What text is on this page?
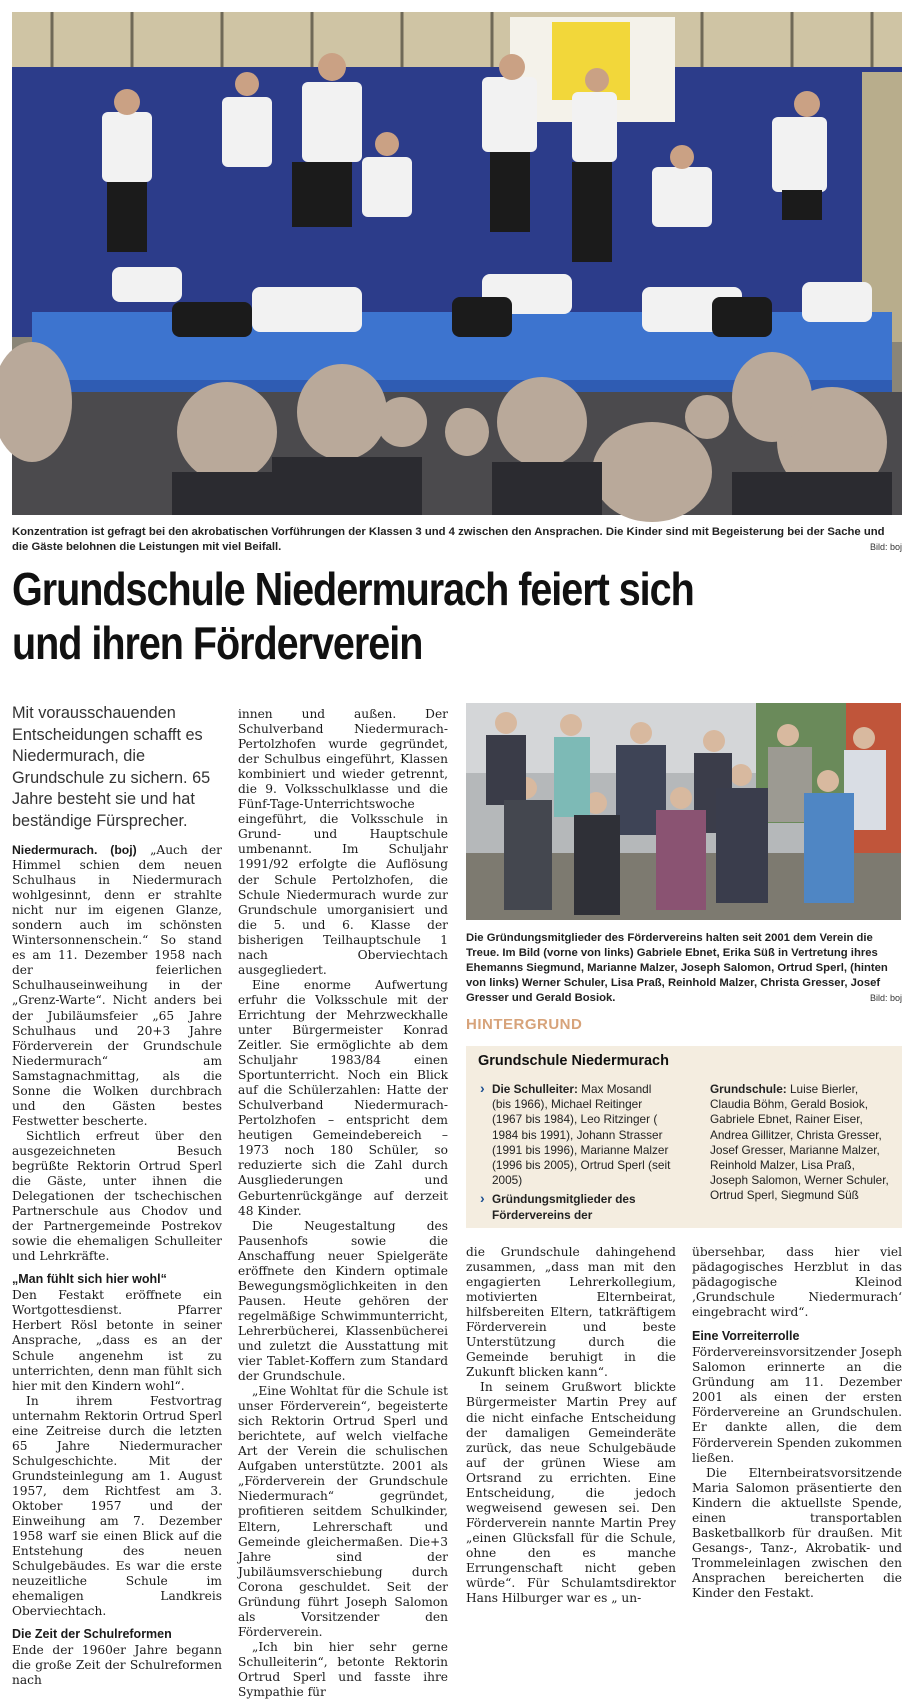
Konzentration ist gefragt bei den akrobatischen Vorführungen der Klassen 3 und 4 zwischen den Ansprachen. Die Kinder sind mit Begeisterung bei der Sache und die Gäste belohnen die Leistungen mit viel Beifall.	Bild: boj
Grundschule Niedermurach feiert sich
und ihren Förderverein
Mit vorausschauenden Entscheidungen schafft es Niedermurach, die Grundschule zu sichern. 65 Jahre besteht sie und hat beständige Fürsprecher.

Niedermurach. (boj) „Auch der Himmel schien dem neuen Schulhaus in Niedermurach wohlgesinnt, denn er strahlte nicht nur im eigenen Glanze, sondern auch im schönsten Wintersonnenschein.“ So stand es am 11. Dezember 1958 nach der feierlichen Schulhauseinweihung in der „Grenz-Warte“. Nicht anders bei der Jubiläumsfeier „65 Jahre Schulhaus und 20+3 Jahre Förderverein der Grundschule Niedermurach“ am Samstagnachmittag, als die Sonne die Wolken durchbrach und den Gästen bestes Festwetter bescherte.

Sichtlich erfreut über den ausgezeichneten Besuch begrüßte Rektorin Ortrud Sperl die Gäste, unter ihnen die Delegationen der tschechischen Partnerschule aus Chodov und der Partnergemeinde Postrekov sowie die ehemaligen Schulleiter und Lehrkräfte.

„Man fühlt sich hier wohl“

Den Festakt eröffnete ein Wortgottesdienst. Pfarrer Herbert Rösl betonte in seiner Ansprache, „dass es an der Schule angenehm ist zu unterrichten, denn man fühlt sich hier mit den Kindern wohl“.

In ihrem Festvortrag unternahm Rektorin Ortrud Sperl eine Zeitreise durch die letzten 65 Jahre Niedermuracher Schulgeschichte. Mit der Grundsteinlegung am 1. August 1957, dem Richtfest am 3. Oktober 1957 und der Einweihung am 7. Dezember 1958 warf sie einen Blick auf die Entstehung des neuen Schulgebäudes. Es war die erste neuzeitliche Schule im ehemaligen Landkreis Oberviechtach.

Die Zeit der Schulreformen

Ende der 1960er Jahre begann die große Zeit der Schulreformen nach

innen und außen. Der Schulverband Niedermurach-Pertolzhofen wurde gegründet, der Schulbus eingeführt, Klassen kombiniert und wieder getrennt, die 9. Volksschulklasse und die Fünf-Tage-Unterrichtswoche eingeführt, die Volksschule in Grund- und Hauptschule umbenannt. Im Schuljahr 1991/92 erfolgte die Auflösung der Schule Pertolzhofen, die Schule Niedermurach wurde zur Grundschule umorganisiert und die 5. und 6. Klasse der bisherigen Teilhauptschule 1 nach Oberviechtach ausgegliedert.

Eine enorme Aufwertung erfuhr die Volksschule mit der Errichtung der Mehrzweckhalle unter Bürgermeister Konrad Zeitler. Sie ermöglichte ab dem Schuljahr 1983/84 einen Sportunterricht. Noch ein Blick auf die Schülerzahlen: Hatte der Schulverband Niedermurach-Pertolzhofen – entspricht dem heutigen Gemeindebereich – 1973 noch 180 Schüler, so reduzierte sich die Zahl durch Ausgliederungen und Geburtenrückgänge auf derzeit 48 Kinder.

Die Neugestaltung des Pausenhofs sowie die Anschaffung neuer Spielgeräte eröffnete den Kindern optimale Bewegungsmöglichkeiten in den Pausen. Heute gehören der regelmäßige Schwimmunterricht, Lehrerbücherei, Klassenbücherei und zuletzt die Ausstattung mit vier Tablet-Koffern zum Standard der Grundschule.

„Eine Wohltat für die Schule ist unser Förderverein“, begeisterte sich Rektorin Ortrud Sperl und berichtete, auf welch vielfache Art der Verein die schulischen Aufgaben unterstützte. 2001 als „Förderverein der Grundschule Niedermurach“ gegründet, profitieren seitdem Schulkinder, Eltern, Lehrerschaft und Gemeinde gleichermaßen. Die+3 Jahre sind der Jubiläumsverschiebung durch Corona geschuldet. Seit der Gründung führt Joseph Salomon als Vorsitzender den Förderverein.

„Ich bin hier sehr gerne Schulleiterin“, betonte Rektorin Ortrud Sperl und fasste ihre Sympathie für

Die Gründungsmitglieder des Fördervereins halten seit 2001 dem Verein die Treue. Im Bild (vorne von links) Gabriele Ebnet, Erika Süß in Vertretung ihres Ehemanns Siegmund, Marianne Malzer, Joseph Salomon, Ortrud Sperl, (hinten von links) Werner Schuler, Lisa Praß, Reinhold Malzer, Christa Gresser, Josef Gresser und Gerald Bosiok.	Bild: boj
HINTERGRUND
Grundschule Niedermurach
› Die Schulleiter: Max Mosandl (bis 1966), Michael Reitinger (1967 bis 1984), Leo Ritzinger ( 1984 bis 1991), Johann Strasser (1991 bis 1996), Marianne Malzer (1996 bis 2005), Ortrud Sperl (seit 2005)
› Gründungsmitglieder des Fördervereins der Grundschule: Luise Bierler, Claudia Böhm, Gerald Bosiok, Gabriele Ebnet, Rainer Eiser, Andrea Gillitzer, Christa Gresser, Josef Gresser, Marianne Malzer, Reinhold Malzer, Lisa Praß, Joseph Salomon, Werner Schuler, Ortrud Sperl, Siegmund Süß

die Grundschule dahingehend zusammen, „dass man mit den engagierten Lehrerkollegium, motivierten Elternbeirat, hilfsbereiten Eltern, tatkräftigem Förderverein und beste Unterstützung durch die Gemeinde beruhigt in die Zukunft blicken kann“.

In seinem Grußwort blickte Bürgermeister Martin Prey auf die nicht einfache Entscheidung der damaligen Gemeinderäte zurück, das neue Schulgebäude auf der grünen Wiese am Ortsrand zu errichten. Eine Entscheidung, die jedoch wegweisend gewesen sei. Den Förderverein nannte Martin Prey „einen Glücksfall für die Schule, ohne den es manche Errungenschaft nicht geben würde“. Für Schulamtsdirektor Hans Hilburger war es „ un-

übersehbar, dass hier viel pädagogisches Herzblut in das pädagogische Kleinod ‚Grundschule Niedermurach‘ eingebracht wird“.

Eine Vorreiterrolle

Fördervereinsvorsitzender Joseph Salomon erinnerte an die Gründung am 11. Dezember 2001 als einen der ersten Fördervereine an Grundschulen. Er dankte allen, die dem Förderverein Spenden zukommen ließen.

Die Elternbeiratsvorsitzende Maria Salomon präsentierte den Kindern die aktuellste Spende, einen transportablen Basketballkorb für draußen. Mit Gesangs-, Tanz-, Akrobatik- und Trommeleinlagen zwischen den Ansprachen bereicherten die Kinder den Festakt.
